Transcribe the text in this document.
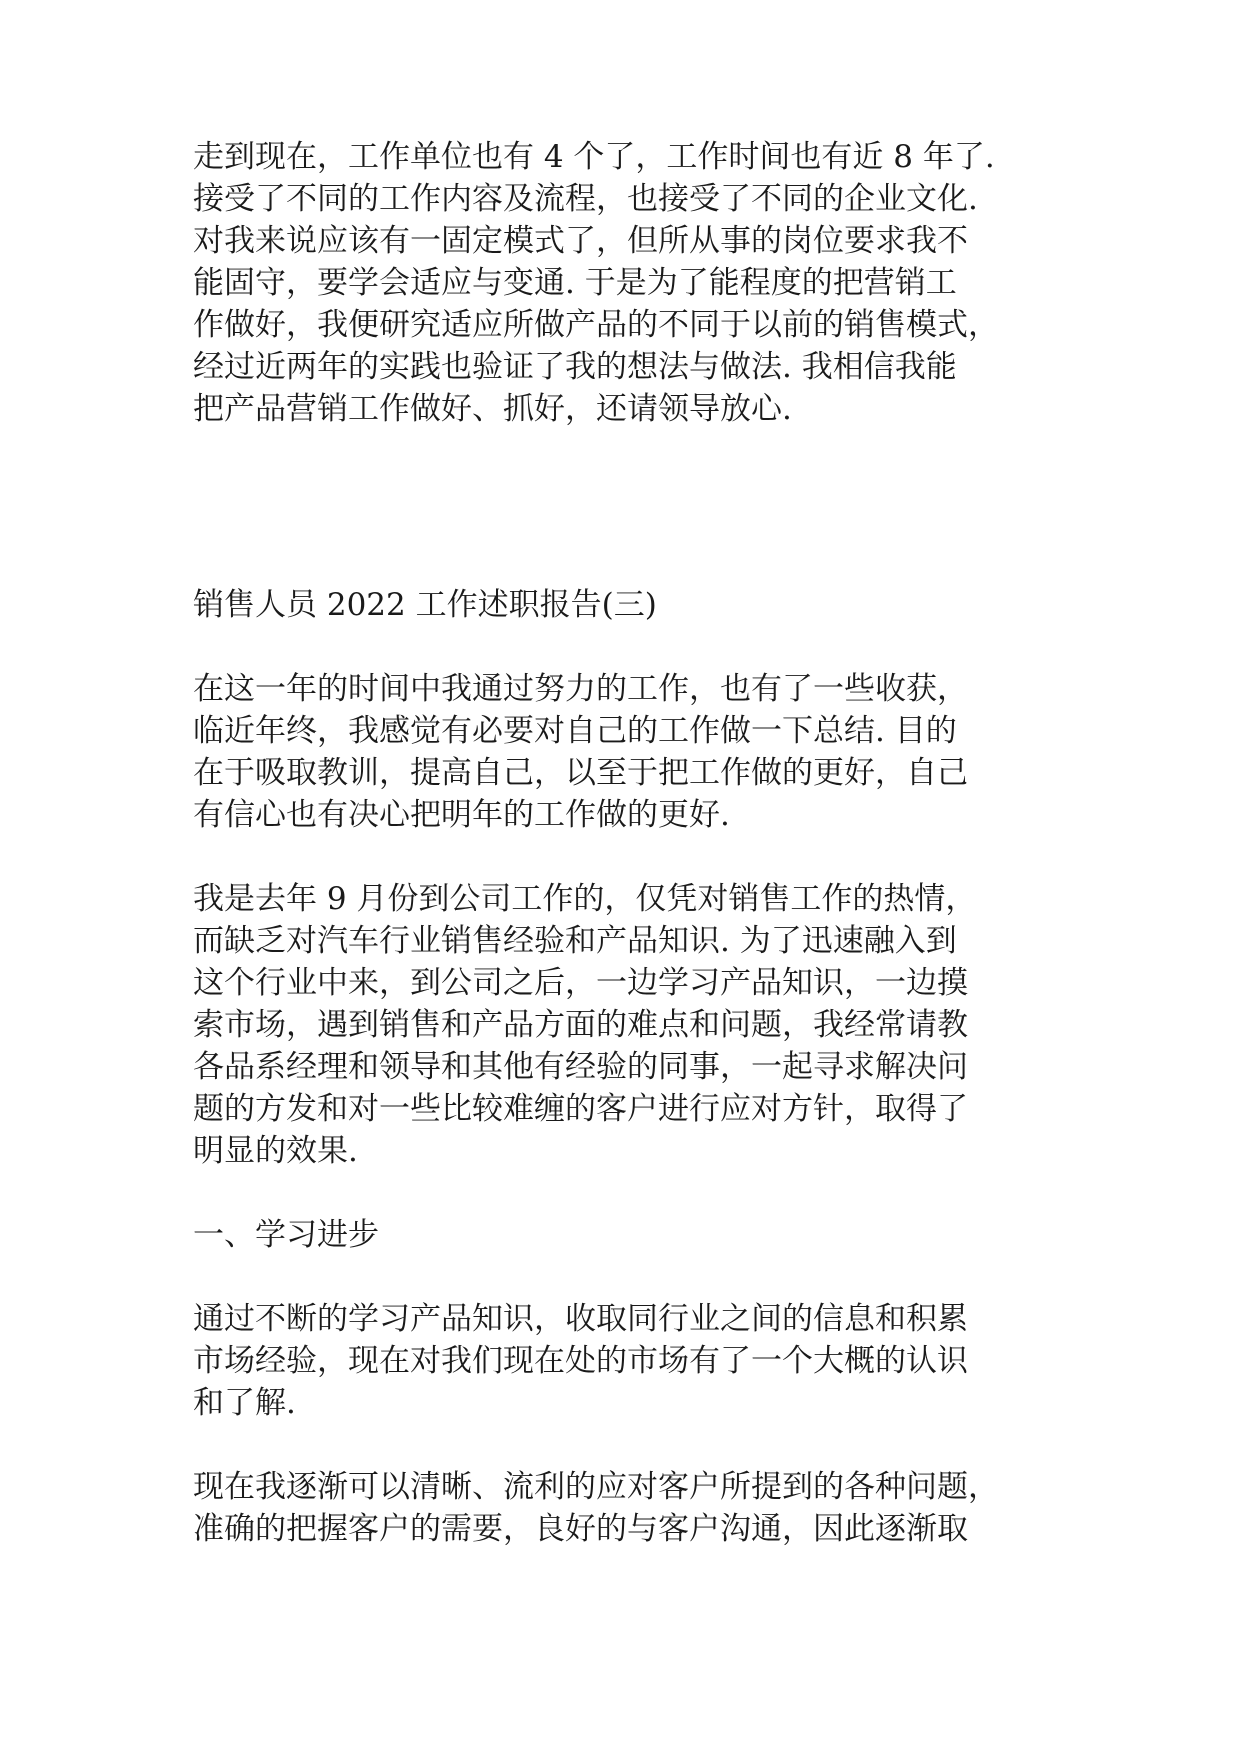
走到现在，工作单位也有 4 个了，工作时间也有近 8 年了.
接受了不同的工作内容及流程，也接受了不同的企业文化.
对我来说应该有一固定模式了，但所从事的岗位要求我不
能固守，要学会适应与变通. 于是为了能程度的把营销工
作做好，我便研究适应所做产品的不同于以前的销售模式，
经过近两年的实践也验证了我的想法与做法. 我相信我能
把产品营销工作做好、抓好，还请领导放心.
销售人员 2022 工作述职报告(三)
在这一年的时间中我通过努力的工作，也有了一些收获，
临近年终，我感觉有必要对自己的工作做一下总结. 目的
在于吸取教训，提高自己，以至于把工作做的更好，自己
有信心也有决心把明年的工作做的更好.
我是去年 9 月份到公司工作的，仅凭对销售工作的热情，
而缺乏对汽车行业销售经验和产品知识. 为了迅速融入到
这个行业中来，到公司之后，一边学习产品知识，一边摸
索市场，遇到销售和产品方面的难点和问题，我经常请教
各品系经理和领导和其他有经验的同事，一起寻求解决问
题的方发和对一些比较难缠的客户进行应对方针，取得了
明显的效果.
一、学习进步
通过不断的学习产品知识，收取同行业之间的信息和积累
市场经验，现在对我们现在处的市场有了一个大概的认识
和了解.
现在我逐渐可以清晰、流利的应对客户所提到的各种问题，
准确的把握客户的需要，良好的与客户沟通，因此逐渐取
